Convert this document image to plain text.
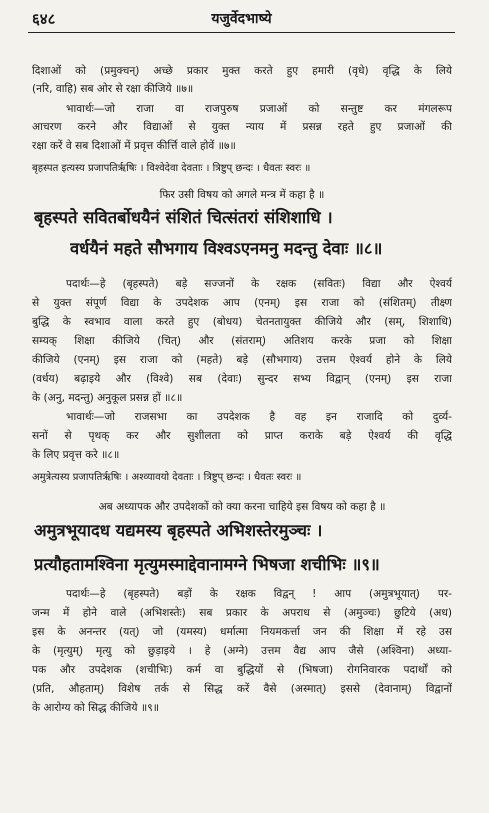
६४८	यजुर्वेदभाष्ये
दिशाओं को (प्रमुक्चन्) अच्छे प्रकार मुक्त करते हुए हमारी (वृधे) वृद्धि के लिये
(नरि, वाहि) सब ओर से रक्षा कीजिये ॥७॥
भावार्थः—जो राजा वा राजपुरुष प्रजाओं को सन्तुष्ट कर मंगलरूप
आचरण करने और विद्याओं से युक्त न्याय में प्रसन्न रहते हुए प्रजाओं की
रक्षा करें वे सब दिशाओं में प्रवृत्त कीर्त्ति वाले होवें ॥७॥
बृहस्पत इत्यस्य प्रजापतिर्ऋषिः । विश्वेदेवा देवताः । त्रिष्टुप् छन्दः । धैवतः स्वरः ॥
फिर उसी विषय को अगले मन्त्र में कहा है ॥
बृहस्पते सवितर्बोधयैनं संशितं चित्संतरां संशिशाधि ।
वर्धयैनं महते सौभगाय विश्वऽएनमनु मदन्तु देवाः ॥८॥
पदार्थः—हे (बृहस्पते) बड़े सज्जनों के रक्षक (सवितः) विद्या और ऐश्वर्य
से युक्त संपूर्ण विद्या के उपदेशक आप (एनम्) इस राजा को (संशितम्) तीक्ष्ण
बुद्धि के स्वभाव वाला करते हुए (बोधय) चेतनतायुक्त कीजिये और (सम्, शिशाधि)
सम्यक् शिक्षा कीजिये (चित्) और (संतराम्) अतिशय करके प्रजा को शिक्षा
कीजिये (एनम्) इस राजा को (महते) बड़े (सौभगाय) उत्तम ऐश्वर्य होने के लिये
(वर्धय) बढ़ाइये और (विश्वे) सब (देवाः) सुन्दर सभ्य विद्वान् (एनम्) इस राजा
के (अनु, मदन्तु) अनुकूल प्रसन्न हों ॥८॥
भावार्थः—जो राजसभा का उपदेशक है वह इन राजादि को दुर्व्य-
सनों से पृथक् कर और सुशीलता को प्राप्त कराके बड़े ऐश्वर्य की वृद्धि
के लिए प्रवृत्त करे ॥८॥
अमुत्रेत्यस्य प्रजापतिर्ऋषिः । अश्व्यावयो देवताः । त्रिष्टुप् छन्दः । धैवतः स्वरः ॥
अब अध्यापक और उपदेशकों को क्या करना चाहिये इस विषय को कहा है ॥
अमुत्रभूयादध यद्यमस्य बृहस्पते अभिशस्तेरमुञ्चः ।
प्रत्यौहतामश्विना मृत्युमस्माद्देवानामग्ने भिषजा शचीभिः ॥९॥
पदार्थः—हे (बृहस्पते) बड़ों के रक्षक विद्वन् ! आप (अमुत्रभूयात्) पर-
जन्म में होने वाले (अभिशस्तेः) सब प्रकार के अपराध से (अमुञ्चः) छुटिये (अध)
इस के अनन्तर (यत्) जो (यमस्य) धर्मात्मा नियमकर्त्ता जन की शिक्षा में रहे उस
के (मृत्युम्) मृत्यु को छुड़ाइये । हे (अग्ने) उत्तम वैद्य आप जैसे (अश्विना) अध्या-
पक और उपदेशक (शचीभिः) कर्म वा बुद्धियों से (भिषजा) रोगनिवारक पदार्थों को
(प्रति, औहताम्) विशेष तर्क से सिद्ध करें वैसे (अस्मात्) इससे (देवानाम्) विद्वानों
के आरोग्य को सिद्ध कीजिये ॥९॥
